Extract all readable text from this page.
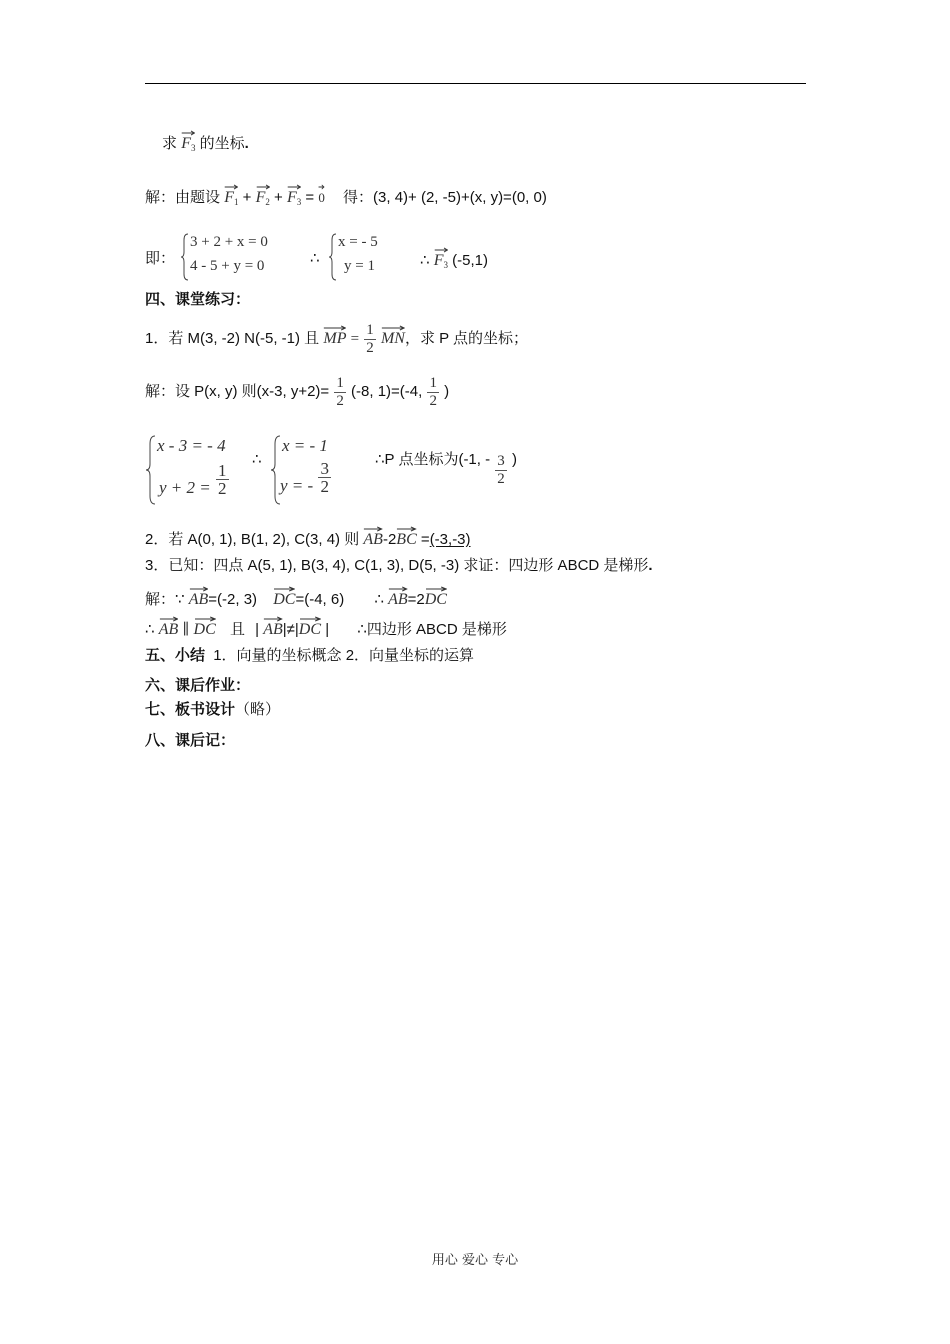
求 $F_3$ 的坐标.
解：由题设 $F_1 + F_2 + F_3 = 0$ 得：(3, 4)+ (2, -5)+(x, y)=(0, 0)
即：
3 + 2 + x = 0
4 - 5 + y = 0	∴
x = - 5
y = 1	∴ $F_3$ (-5,1)
四、课堂练习：
1．若 M(3, -2) N(-5, -1) 且 MP = $\frac{1}{2}$
MN，求 P 点的坐标；
解：设 P(x, y) 则(x-3, $y+2)= \frac{1}{2} (-8$, 1)=(-4, $\frac{1}{2}$ )
x - 3 = - 4
$y + 2 = \frac{1}{2}$
∴
x = - 1
y = - $\frac{3}{2}$
∴P 点坐标为(-1, - $\frac{3}{2}$ )
2．若 A(0, 1), B(1, 2), C(3, 4) 则 AB-2
BC =(-3,-3)
3．已知：四点 A(5, 1), B(3, 4), C(1, 3), D(5, -3) 求证：四边形 ABCD 是梯形.
解：∵ AB=(-2, 3) DC=(-4, 6) ∴ AB=2
DC
∴ AB ∥ DC 且 | AB|≠|
DC | ∴四边形 ABCD 是梯形
五、小结 1．向量的坐标概念 2．向量坐标的运算
六、课后作业：
七、板书设计（略）
八、课后记：
用心 爱心 专心
